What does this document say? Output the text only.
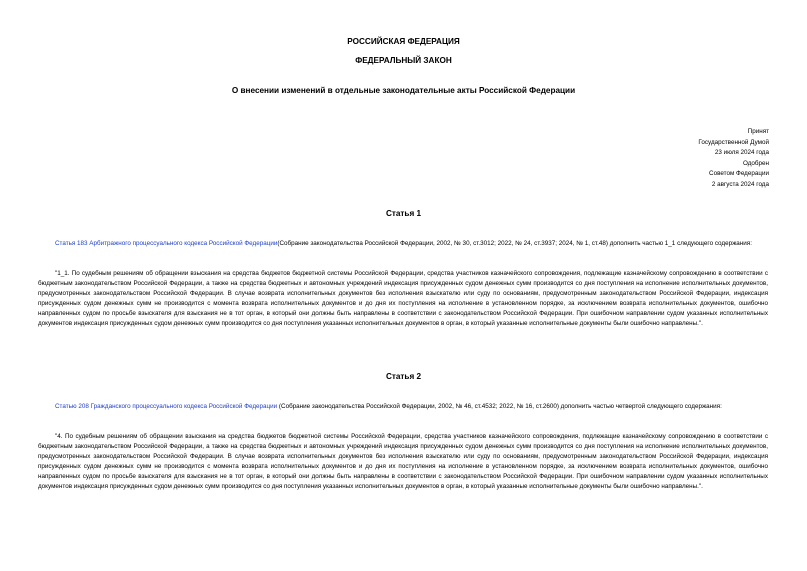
РОССИЙСКАЯ ФЕДЕРАЦИЯ
ФЕДЕРАЛЬНЫЙ ЗАКОН
О внесении изменений в отдельные законодательные акты Российской Федерации
Принят
Государственной Думой
23 июля 2024 года
Одобрен
Советом Федерации
2 августа 2024 года
Статья 1
Статья 183 Арбитражного процессуального кодекса Российской Федерации(Собрание законодательства Российской Федерации, 2002, № 30, ст.3012; 2022, № 24, ст.3937; 2024, № 1, ст.48) дополнить частью 1_1 следующего содержания:
"1_1. По судебным решениям об обращении взыскания на средства бюджетов бюджетной системы Российской Федерации, средства участников казначейского сопровождения, подлежащие казначейскому сопровождению в соответствии с бюджетным законодательством Российской Федерации, а также на средства бюджетных и автономных учреждений индексация присужденных судом денежных сумм производится со дня поступления на исполнение исполнительных документов, предусмотренных законодательством Российской Федерации. В случае возврата исполнительных документов без исполнения взыскателю или суду по основаниям, предусмотренным законодательством Российской Федерации, индексация присужденных судом денежных сумм не производится с момента возврата исполнительных документов и до дня их поступления на исполнение в установленном порядке, за исключением возврата исполнительных документов, ошибочно направленных судом по просьбе взыскателя для взыскания не в тот орган, в который они должны быть направлены в соответствии с законодательством Российской Федерации. При ошибочном направлении судом указанных исполнительных документов индексация присужденных судом денежных сумм производится со дня поступления указанных исполнительных документов в орган, в который указанные исполнительные документы были ошибочно направлены.".
Статья 2
Статью 208 Гражданского процессуального кодекса Российской Федерации (Собрание законодательства Российской Федерации, 2002, № 46, ст.4532; 2022, № 16, ст.2600) дополнить частью четвертой следующего содержания:
"4. По судебным решениям об обращении взыскания на средства бюджетов бюджетной системы Российской Федерации, средства участников казначейского сопровождения, подлежащие казначейскому сопровождению в соответствии с бюджетным законодательством Российской Федерации, а также на средства бюджетных и автономных учреждений индексация присужденных судом денежных сумм производится со дня поступления на исполнение исполнительных документов, предусмотренных законодательством Российской Федерации. В случае возврата исполнительных документов без исполнения взыскателю или суду по основаниям, предусмотренным законодательством Российской Федерации, индексация присужденных судом денежных сумм не производится с момента возврата исполнительных документов и до дня их поступления на исполнение в установленном порядке, за исключением возврата исполнительных документов, ошибочно направленных судом по просьбе взыскателя для взыскания не в тот орган, в который они должны быть направлены в соответствии с законодательством Российской Федерации. При ошибочном направлении судом указанных исполнительных документов индексация присужденных судом денежных сумм производится со дня поступления указанных исполнительных документов в орган, в который указанные исполнительные документы были ошибочно направлены.".
